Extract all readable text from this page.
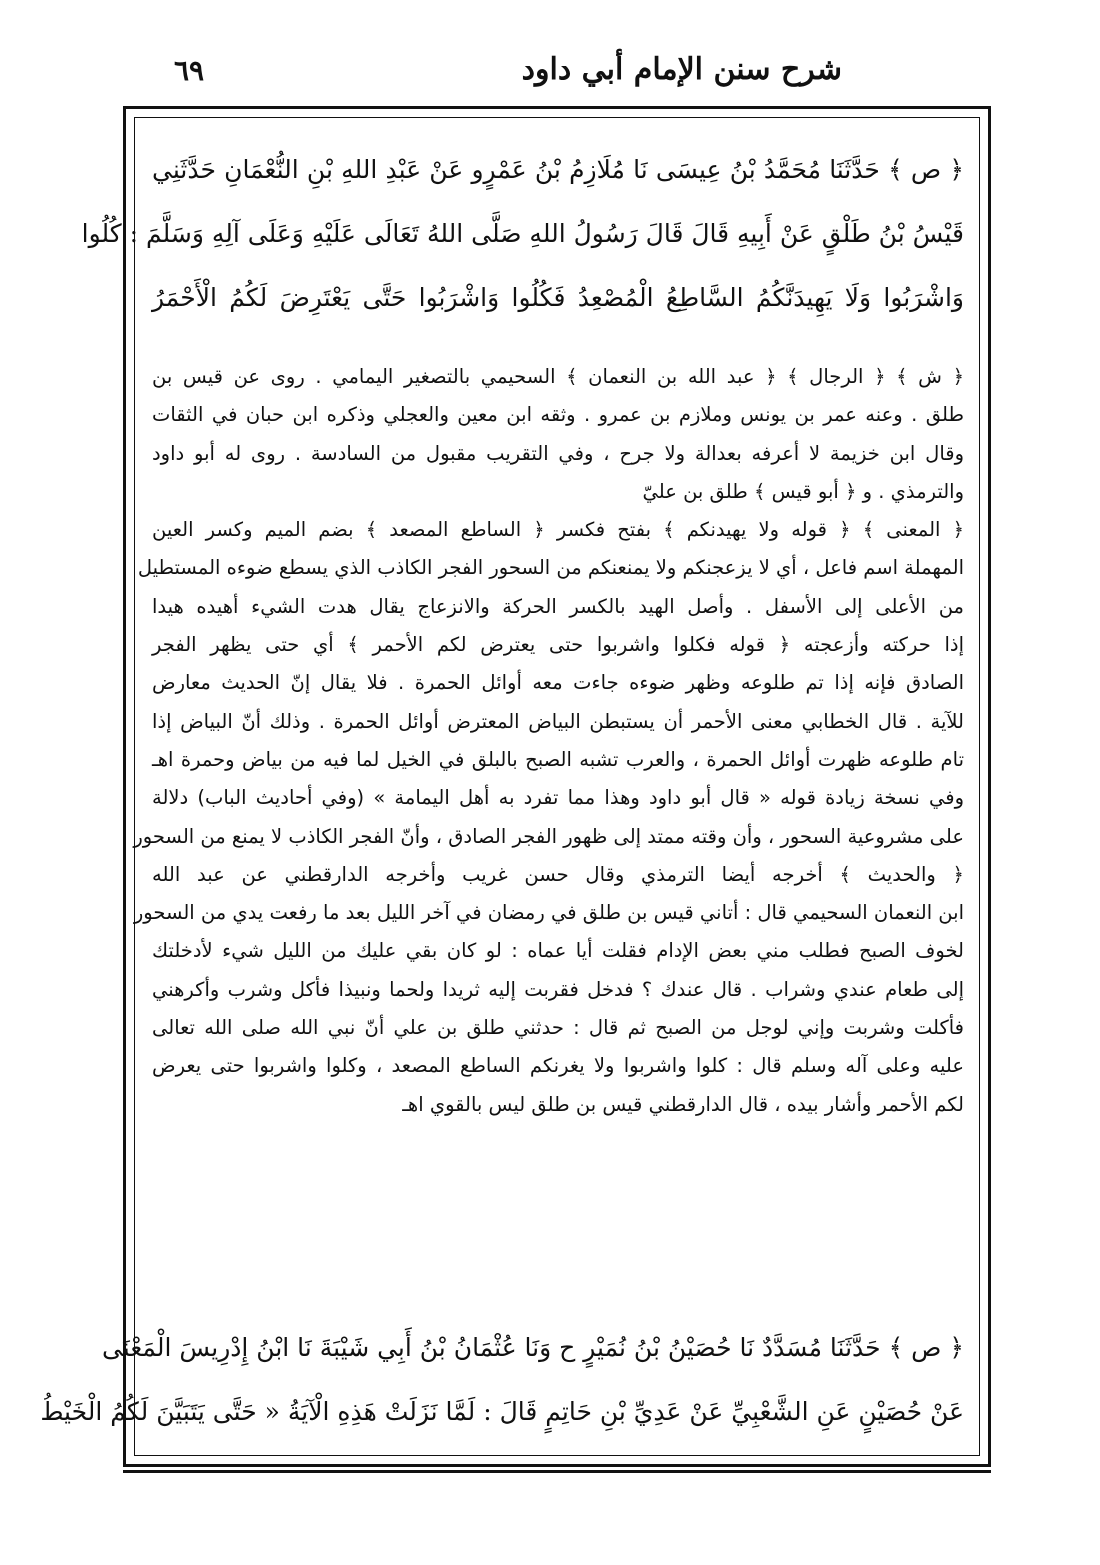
شرح سنن الإمام أبي داود
٦٩
﴿ ص ﴾ حَدَّثَنَا مُحَمَّدُ بْنُ عِيسَى نَا مُلَازِمُ بْنُ عَمْرٍو عَنْ عَبْدِ اللهِ بْنِ النُّعْمَانِ حَدَّثَنِي
قَيْسُ بْنُ طَلْقٍ عَنْ أَبِيهِ قَالَ قَالَ رَسُولُ اللهِ صَلَّى اللهُ تَعَالَى عَلَيْهِ وَعَلَى آلِهِ وَسَلَّمَ : كُلُوا
وَاشْرَبُوا وَلَا يَهِيدَنَّكُمُ السَّاطِعُ الْمُصْعِدُ فَكُلُوا وَاشْرَبُوا حَتَّى يَعْتَرِضَ لَكُمُ الْأَحْمَرُ
﴿ ش ﴾ ﴿ الرجال ﴾ ﴿ عبد الله بن النعمان ﴾ السحيمي بالتصغير اليمامي . روى عن قيس بن
طلق . وعنه عمر بن يونس وملازم بن عمرو . وثقه ابن معين والعجلي وذكره ابن حبان في الثقات
وقال ابن خزيمة لا أعرفه بعدالة ولا جرح ، وفي التقريب مقبول من السادسة . روى له أبو داود
والترمذي . و ﴿ أبو قيس ﴾ طلق بن عليّ
﴿ المعنى ﴾ ﴿ قوله ولا يهيدنكم ﴾ بفتح فكسر ﴿ الساطع المصعد ﴾ بضم الميم وكسر العين
المهملة اسم فاعل ، أي لا يزعجنكم ولا يمنعنكم من السحور الفجر الكاذب الذي يسطع ضوءه المستطيل
من الأعلى إلى الأسفل . وأصل الهيد بالكسر الحركة والانزعاج يقال هدت الشيء أهيده هيدا
إذا حركته وأزعجته ﴿ قوله فكلوا واشربوا حتى يعترض لكم الأحمر ﴾ أي حتى يظهر الفجر
الصادق فإنه إذا تم طلوعه وظهر ضوءه جاءت معه أوائل الحمرة . فلا يقال إنّ الحديث معارض
للآية . قال الخطابي معنى الأحمر أن يستبطن البياض المعترض أوائل الحمرة . وذلك أنّ البياض إذا
تام طلوعه ظهرت أوائل الحمرة ، والعرب تشبه الصبح بالبلق في الخيل لما فيه من بياض وحمرة اهـ
وفي نسخة زيادة قوله « قال أبو داود وهذا مما تفرد به أهل اليمامة » (وفي أحاديث الباب) دلالة
على مشروعية السحور ، وأن وقته ممتد إلى ظهور الفجر الصادق ، وأنّ الفجر الكاذب لا يمنع من السحور
﴿ والحديث ﴾ أخرجه أيضا الترمذي وقال حسن غريب وأخرجه الدارقطني عن عبد الله
ابن النعمان السحيمي قال : أتاني قيس بن طلق في رمضان في آخر الليل بعد ما رفعت يدي من السحور
لخوف الصبح فطلب مني بعض الإدام فقلت أيا عماه : لو كان بقي عليك من الليل شيء لأدخلتك
إلى طعام عندي وشراب . قال عندك ؟ فدخل فقربت إليه ثريدا ولحما ونبيذا فأكل وشرب وأكرهني
فأكلت وشربت وإني لوجل من الصبح ثم قال : حدثني طلق بن علي أنّ نبي الله صلى الله تعالى
عليه وعلى آله وسلم قال : كلوا واشربوا ولا يغرنكم الساطع المصعد ، وكلوا واشربوا حتى يعرض
لكم الأحمر وأشار بيده ، قال الدارقطني قيس بن طلق ليس بالقوي اهـ
﴿ ص ﴾ حَدَّثَنَا مُسَدَّدٌ نَا حُصَيْنُ بْنُ نُمَيْرٍ ح وَنَا عُثْمَانُ بْنُ أَبِي شَيْبَةَ نَا ابْنُ إِدْرِيسَ الْمَعْنَى
عَنْ حُصَيْنٍ عَنِ الشَّعْبِيِّ عَنْ عَدِيِّ بْنِ حَاتِمٍ قَالَ : لَمَّا نَزَلَتْ هَذِهِ الْآيَةُ « حَتَّى يَتَبَيَّنَ لَكُمُ الْخَيْطُ
